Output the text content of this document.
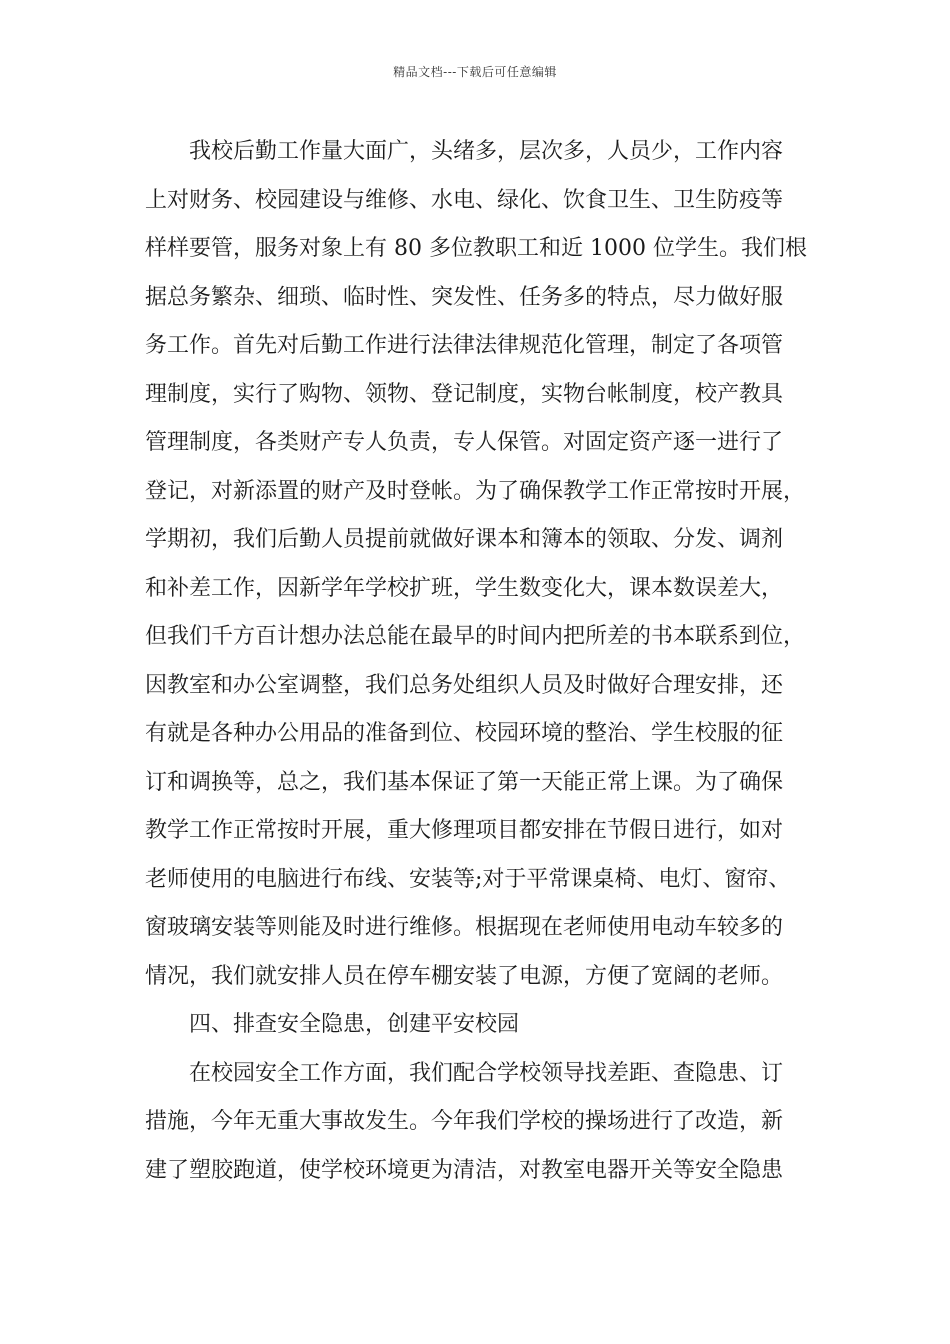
精品文档---下载后可任意编辑
我校后勤工作量大面广，头绪多，层次多，人员少，工作内容
上对财务、校园建设与维修、水电、绿化、饮食卫生、卫生防疫等
样样要管，服务对象上有 80 多位教职工和近 1000 位学生。我们根
据总务繁杂、细琐、临时性、突发性、任务多的特点，尽力做好服
务工作。首先对后勤工作进行法律法律规范化管理，制定了各项管
理制度，实行了购物、领物、登记制度，实物台帐制度，校产教具
管理制度，各类财产专人负责，专人保管。对固定资产逐一进行了
登记，对新添置的财产及时登帐。为了确保教学工作正常按时开展，
学期初，我们后勤人员提前就做好课本和簿本的领取、分发、调剂
和补差工作，因新学年学校扩班，学生数变化大，课本数误差大，
但我们千方百计想办法总能在最早的时间内把所差的书本联系到位，
因教室和办公室调整，我们总务处组织人员及时做好合理安排，还
有就是各种办公用品的准备到位、校园环境的整治、学生校服的征
订和调换等，总之，我们基本保证了第一天能正常上课。为了确保
教学工作正常按时开展，重大修理项目都安排在节假日进行，如对
老师使用的电脑进行布线、安装等;对于平常课桌椅、电灯、窗帘、
窗玻璃安装等则能及时进行维修。根据现在老师使用电动车较多的
情况，我们就安排人员在停车棚安装了电源，方便了宽阔的老师。
四、排查安全隐患，创建平安校园
在校园安全工作方面，我们配合学校领导找差距、查隐患、订
措施，今年无重大事故发生。今年我们学校的操场进行了改造，新
建了塑胶跑道，使学校环境更为清洁，对教室电器开关等安全隐患
